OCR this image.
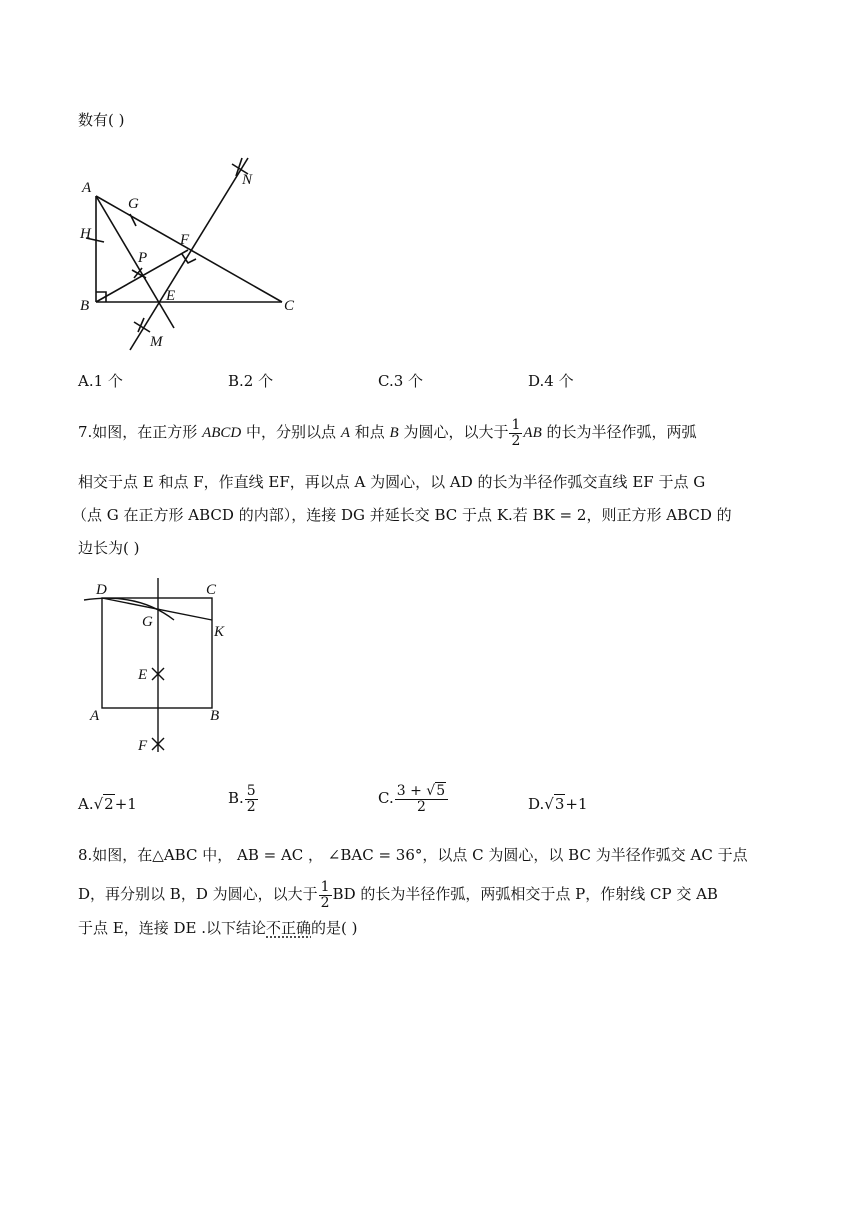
数有( )
A
H
B
G
P
F
E
C
M
N
A.1 个	B.2 个	C.3 个	D.4 个
7.如图，在正方形 ABCD 中，分别以点 A 和点 B 为圆心，以大于 $\frac{1}{2}$ AB 的长为半径作弧，两弧
相交于点 E 和点 F，作直线 EF，再以点 A 为圆心，以 AD 的长为半径作弧交直线 EF 于点 G
（点 G 在正方形 ABCD 的内部），连接 DG 并延长交 BC 于点 K.若 BK = 2，则正方形 ABCD 的
边长为( )
D	C
G
K
E
A	B
F
A.√2+1	B. $\frac{5}{2}$	C. $\frac{3 + √5}{2}$	D.√3+1
8.如图，在△ABC 中， AB = AC ， ∠BAC = 36°，以点 C 为圆心，以 BC 为半径作弧交 AC 于点
D，再分别以 B，D 为圆心，以大于 $\frac{1}{2}$ BD 的长为半径作弧，两弧相交于点 P，作射线 CP 交 AB
于点 E，连接 DE .以下结论不正确的是( )
